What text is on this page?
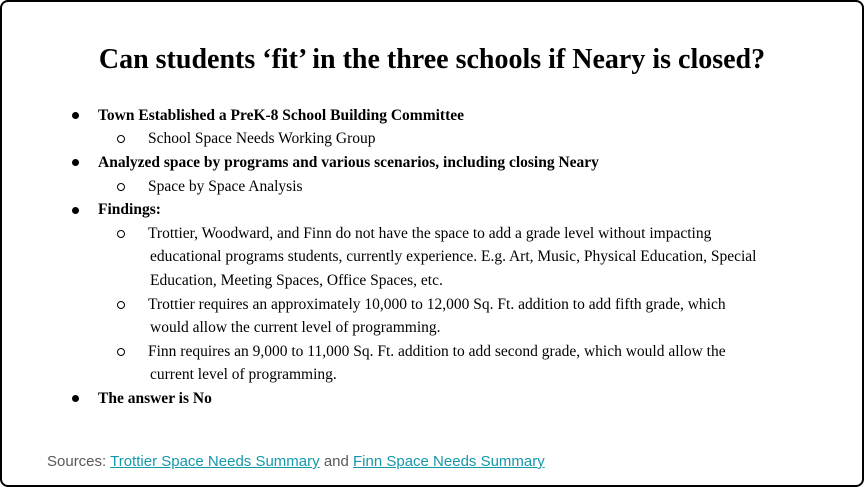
Can students ‘fit’ in the three schools if Neary is closed?
Town Established a PreK-8 School Building Committee
School Space Needs Working Group
Analyzed space by programs and various scenarios, including closing Neary
Space by Space Analysis
Findings:
Trottier, Woodward, and Finn do not have the space to add a grade level without impacting
educational programs students, currently experience. E.g. Art, Music, Physical Education, Special
Education, Meeting Spaces, Office Spaces, etc.
Trottier requires an approximately 10,000 to 12,000 Sq. Ft. addition to add fifth grade, which
would allow the current level of programming.
Finn requires an 9,000 to 11,000 Sq. Ft. addition to add second grade, which would allow the
current level of programming.
The answer is No
Sources: Trottier Space Needs Summary and Finn Space Needs Summary
